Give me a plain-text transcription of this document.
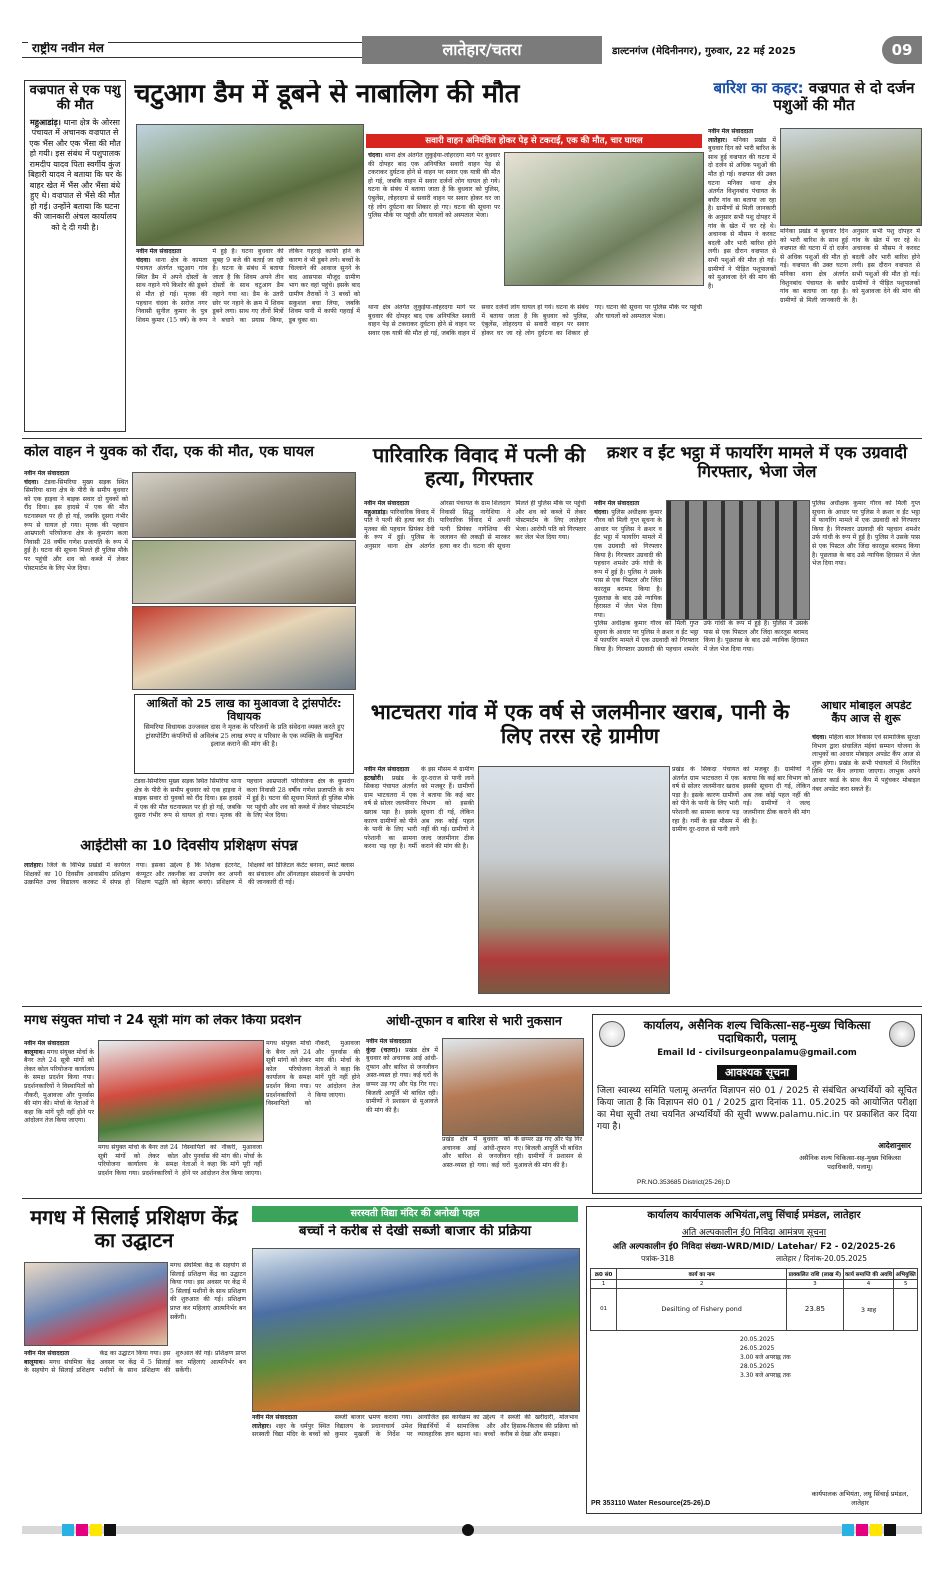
राष्ट्रीय नवीन मेल	लातेहार/चतरा	डाल्टनगंज (मेदिनीनगर), गुरुवार, 22 मई 2025	09
वज्रपात से एक पशु की मौत
महुआडांड़। थाना क्षेत्र के ओरसा पंचायत में अचानक वज्रपात से एक भैंस और एक भैंसा की मौत हो गयी। इस संबंध में पशुपालक रामदीप यादव पिता स्वर्गीय कुंज बिहारी यादव ने बताया कि घर के बाहर खेत में भैंस और भैंसा बंधे हुए थे। वज्रपात से भैंसे की मौत हो गई। उन्होंने बताया कि घटना की जानकारी अंचल कार्यालय को दे दी गयी है।
चटुआग डैम में डूबने से नाबालिग की मौत
नवीन मेल संवाददाता
चंदवा। थाना क्षेत्र के कामता पंचायत अंतर्गत चटुआग गांव स्थित डैम में अपने दोस्तों के साथ नहाने गये किशोर की डूबने से मौत हो गई। मृतक की पहचान चंदवा के सरोज नगर निवासी सुनील कुमार के पुत्र शिवम कुमार (15 वर्ष) के रूप में हुई है। घटना बुधवार की सुबह 9 बजे की बताई जा रही है। घटना के संबंध में बताया जाता है कि शिवम अपने तीन दोस्तों के साथ चटुआग डैम नहाने गया था। डैम के उतरी छोर पर नहाने के क्रम में शिवम डूबने लगा। साथ गए तीनों मित्रों ने बचाने का प्रयास किया, लेकिन गहराई काफी होने के कारण वे भी डूबने लगे। बच्चों के चिल्लाने की आवाज सुनने के बाद आसपास मौजूद ग्रामीण भाग कर वहां पहुंचे। इसके बाद ग्रामीण तैराकों ने 3 बच्चों को सकुशल बचा लिया, जबकि शिवम पानी में काफी गहराई में डूब चुका था।
सवारी वाहन अनियंत्रित होकर पेड़ से टकराई, एक की मौत, चार घायल
चंदवा। थाना क्षेत्र अंतर्गत लुकुईया-लोहरदगा मार्ग पर बुधवार की दोपहर बाद एक अनियंत्रित सवारी वाहन पेड़ से टकराकर दुर्घटना होने से वाहन पर सवार एक यात्री की मौत हो गई, जबकि वाहन में सवार दर्जनों लोग घायल हो गये। घटना के संबंध में बताया जाता है कि बुधवार को पुलिस, एंबुलेंस, लोहरदगा से सवारी वाहन पर सवार होकर घर जा रहे लोग दुर्घटना का शिकार हो गए। घटना की सूचना पर पुलिस मौके पर पहुंची और घायलों को अस्पताल भेजा।
थाना क्षेत्र अंतर्गत लुकुईया-लोहरदगा मार्ग पर बुधवार की दोपहर बाद एक अनियंत्रित सवारी वाहन पेड़ से टकराकर दुर्घटना होने से वाहन पर सवार एक यात्री की मौत हो गई, जबकि वाहन में सवार दर्जनों लोग घायल हो गये। घटना के संबंध में बताया जाता है कि बुधवार को पुलिस, एंबुलेंस, लोहरदगा से सवारी वाहन पर सवार होकर घर जा रहे लोग दुर्घटना का शिकार हो गए। घटना की सूचना पर पुलिस मौके पर पहुंची और घायलों को अस्पताल भेजा।
बारिश का कहर: वज्रपात से दो दर्जन पशुओं की मौत
नवीन मेल संवाददाता
लातेहार। मनिका प्रखंड में बुधवार दिन को भारी बारिश के साथ हुई वज्रपात की घटना में दो दर्जन से अधिक पशुओं की मौत हो गई। वज्रपात की उक्त घटना मनिका थाना क्षेत्र अंतर्गत विशुनबांध पंचायत के बघौर गांव का बताया जा रहा है। ग्रामीणों से मिली जानकारी के अनुसार सभी पशु दोपहर में गांव के खेत में चर रहे थे। अचानक से मौसम ने करवट बदली और भारी बारिश होने लगी। इस दौरान वज्रपात से सभी पशुओं की मौत हो गई। ग्रामीणों ने पीड़ित पशुपालकों को मुआवजा देने की मांग की है।
मनिका प्रखंड में बुधवार दिन को भारी बारिश के साथ हुई वज्रपात की घटना में दो दर्जन से अधिक पशुओं की मौत हो गई। वज्रपात की उक्त घटना मनिका थाना क्षेत्र अंतर्गत विशुनबांध पंचायत के बघौर गांव का बताया जा रहा है। ग्रामीणों से मिली जानकारी के अनुसार सभी पशु दोपहर में गांव के खेत में चर रहे थे। अचानक से मौसम ने करवट बदली और भारी बारिश होने लगी। इस दौरान वज्रपात से सभी पशुओं की मौत हो गई। ग्रामीणों ने पीड़ित पशुपालकों को मुआवजा देने की मांग की है।
कोल वाहन ने युवक को रौंदा, एक की मौत, एक घायल
नवीन मेल संवाददाता
चंदवा। टंडवा-सिमरिया मुख्य सड़क स्थित सिमरिया थाना क्षेत्र के पीरी के समीप बुधवार को एक हाइवा ने बाइक सवार दो युवकों को रौंद दिया। इस हादसे में एक की मौत घटनास्थल पर ही हो गई, जबकि दूसरा गंभीर रूप से घायल हो गया। मृतक की पहचान आम्रपाली परियोजना क्षेत्र के कुमरांग कला निवासी 28 वर्षीय गणेश प्रजापति के रूप में हुई है। घटना की सूचना मिलते ही पुलिस मौके पर पहुंची और शव को कब्जे में लेकर पोस्टमार्टम के लिए भेज दिया।
आश्रितों को 25 लाख का मुआवजा दे ट्रांसपोर्टर: विधायक
सिमरिया विधायक उज्जवल दास ने मृतक के परिजनों के प्रति संवेदना व्यक्त करते हुए ट्रांसपोर्टिंग कंपनियों से अविलंब 25 लाख रुपए व परिवार के एक व्यक्ति के समुचित इलाज कराने की मांग की है।
टंडवा-सिमरिया मुख्य सड़क स्थित सिमरिया थाना क्षेत्र के पीरी के समीप बुधवार को एक हाइवा ने बाइक सवार दो युवकों को रौंद दिया। इस हादसे में एक की मौत घटनास्थल पर ही हो गई, जबकि दूसरा गंभीर रूप से घायल हो गया। मृतक की पहचान आम्रपाली परियोजना क्षेत्र के कुमरांग कला निवासी 28 वर्षीय गणेश प्रजापति के रूप में हुई है। घटना की सूचना मिलते ही पुलिस मौके पर पहुंची और शव को कब्जे में लेकर पोस्टमार्टम के लिए भेज दिया।
पारिवारिक विवाद में पत्नी की हत्या, गिरफ्तार
नवीन मेल संवाददाता
महुआडांड़। पारिवारिक विवाद में पति ने पत्नी की हत्या कर दी। मृतका की पहचान प्रियंका देवी के रूप में हुई। पुलिस के अनुसार थाना क्षेत्र अंतर्गत ओरसा पंचायत के ग्राम शिलदाग निवासी सिद्धू नागेशिया ने पारिवारिक विवाद में अपनी पत्नी प्रियंका नागेशिया की जलावन की लकड़ी से मारकर हत्या कर दी। घटना की सूचना मिलते ही पुलिस मौके पर पहुंची और शव को कब्जे में लेकर पोस्टमार्टम के लिए लातेहार भेजा। आरोपी पति को गिरफ्तार कर जेल भेज दिया गया।
क्रशर व ईंट भट्ठा में फायरिंग मामले में एक उग्रवादी गिरफ्तार, भेजा जेल
नवीन मेल संवाददाता
चंदवा। पुलिस अधीक्षक कुमार गौरव को मिली गुप्त सूचना के आधार पर पुलिस ने क्रशर व ईंट भट्ठा में फायरिंग मामले में एक उग्रवादी को गिरफ्तार किया है। गिरफ्तार उग्रवादी की पहचान शमशेर उर्फ गांधी के रूप में हुई है। पुलिस ने उसके पास से एक पिस्टल और जिंदा कारतूस बरामद किया है। पूछताछ के बाद उसे न्यायिक हिरासत में जेल भेज दिया गया।
पुलिस अधीक्षक कुमार गौरव को मिली गुप्त सूचना के आधार पर पुलिस ने क्रशर व ईंट भट्ठा में फायरिंग मामले में एक उग्रवादी को गिरफ्तार किया है। गिरफ्तार उग्रवादी की पहचान शमशेर उर्फ गांधी के रूप में हुई है। पुलिस ने उसके पास से एक पिस्टल और जिंदा कारतूस बरामद किया है। पूछताछ के बाद उसे न्यायिक हिरासत में जेल भेज दिया गया।
पुलिस अधीक्षक कुमार गौरव को मिली गुप्त सूचना के आधार पर पुलिस ने क्रशर व ईंट भट्ठा में फायरिंग मामले में एक उग्रवादी को गिरफ्तार किया है। गिरफ्तार उग्रवादी की पहचान शमशेर उर्फ गांधी के रूप में हुई है। पुलिस ने उसके पास से एक पिस्टल और जिंदा कारतूस बरामद किया है। पूछताछ के बाद उसे न्यायिक हिरासत में जेल भेज दिया गया।
भाटचतरा गांव में एक वर्ष से जलमीनार खराब, पानी के लिए तरस रहे ग्रामीण
नवीन मेल संवाददाता
इटखोरी। प्रखंड के सिकदा पंचायत अंतर्गत ग्राम भाटचतरा में एक वर्ष से सोलर जलमीनार खराब पड़ा है। इसके कारण ग्रामीणों को पीने के पानी के लिए भारी परेशानी का सामना करना पड़ रहा है। गर्मी के इस मौसम में ग्रामीण दूर-दराज से पानी लाने को मजबूर हैं। ग्रामीणों ने बताया कि कई बार विभाग को इसकी सूचना दी गई, लेकिन अब तक कोई पहल नहीं की गई। ग्रामीणों ने जल्द जलमीनार ठीक कराने की मांग की है।
प्रखंड के सिकदा पंचायत अंतर्गत ग्राम भाटचतरा में एक वर्ष से सोलर जलमीनार खराब पड़ा है। इसके कारण ग्रामीणों को पीने के पानी के लिए भारी परेशानी का सामना करना पड़ रहा है। गर्मी के इस मौसम में ग्रामीण दूर-दराज से पानी लाने को मजबूर हैं। ग्रामीणों ने बताया कि कई बार विभाग को इसकी सूचना दी गई, लेकिन अब तक कोई पहल नहीं की गई। ग्रामीणों ने जल्द जलमीनार ठीक कराने की मांग की है।
आधार मोबाइल अपडेट कैंप आज से शुरू
चंदवा। महिला बाल विकास एवं सामाजिक सुरक्षा विभाग द्वारा संचालित मंईयां सम्मान योजना के लाभुकों का आधार मोबाइल अपडेट कैंप आज से शुरू होगा। प्रखंड के सभी पंचायतों में निर्धारित तिथि पर कैंप लगाया जाएगा। लाभुक अपने आधार कार्ड के साथ कैंप में पहुंचकर मोबाइल नंबर अपडेट करा सकते हैं।
आईटीसी का 10 दिवसीय प्रशिक्षण संपन्न
लातेहार। जिले के विभिन्न प्रखंडों में कार्यरत शिक्षकों का 10 दिवसीय आवासीय प्रशिक्षण उत्क्रमित उच्च विद्यालय करकट में संपन्न हो गया। इसका उद्देश्य है कि शिक्षक इंटरनेट, कंप्यूटर और तकनीक का उपयोग कर अपनी शिक्षण पद्धति को बेहतर बनाएं। प्रशिक्षण में शिक्षकों को डिजिटल कंटेंट बनाना, स्मार्ट क्लास का संचालन और ऑनलाइन संसाधनों के उपयोग की जानकारी दी गई।
मगध संयुक्त मोर्चा ने 24 सूत्री मांग को लेकर किया प्रदर्शन
नवीन मेल संवाददाता
बालूमाथ। मगध संयुक्त मोर्चा के बैनर तले 24 सूत्री मांगों को लेकर कोल परियोजना कार्यालय के समक्ष प्रदर्शन किया गया। प्रदर्शनकारियों ने विस्थापितों को नौकरी, मुआवजा और पुनर्वास की मांग की। मोर्चा के नेताओं ने कहा कि मांगें पूरी नहीं होने पर आंदोलन तेज किया जाएगा।
मगध संयुक्त मोर्चा के बैनर तले 24 सूत्री मांगों को लेकर कोल परियोजना कार्यालय के समक्ष प्रदर्शन किया गया। प्रदर्शनकारियों ने विस्थापितों को नौकरी, मुआवजा और पुनर्वास की मांग की। मोर्चा के नेताओं ने कहा कि मांगें पूरी नहीं होने पर आंदोलन तेज किया जाएगा।
मगध संयुक्त मोर्चा के बैनर तले 24 सूत्री मांगों को लेकर कोल परियोजना कार्यालय के समक्ष प्रदर्शन किया गया। प्रदर्शनकारियों ने विस्थापितों को नौकरी, मुआवजा और पुनर्वास की मांग की। मोर्चा के नेताओं ने कहा कि मांगें पूरी नहीं होने पर आंदोलन तेज किया जाएगा।
आंधी-तूफान व बारिश से भारी नुकसान
नवीन मेल संवाददाता
कुंदा (चतरा)। प्रखंड क्षेत्र में बुधवार को अचानक आई आंधी-तूफान और बारिश से जनजीवन अस्त-व्यस्त हो गया। कई घरों के छप्पर उड़ गए और पेड़ गिर गए। बिजली आपूर्ति भी बाधित रही। ग्रामीणों ने प्रशासन से मुआवजे की मांग की है।
प्रखंड क्षेत्र में बुधवार को अचानक आई आंधी-तूफान और बारिश से जनजीवन अस्त-व्यस्त हो गया। कई घरों के छप्पर उड़ गए और पेड़ गिर गए। बिजली आपूर्ति भी बाधित रही। ग्रामीणों ने प्रशासन से मुआवजे की मांग की है।
कार्यालय, असैनिक शल्य चिकित्सा-सह-मुख्य चिकित्सा पदाधिकारी, पलामू
Email Id - civilsurgeonpalamu@gmail.com
आवश्यक सूचना
जिला स्वास्थ्य समिति पलामू अन्तर्गत विज्ञापन सं0 01 / 2025 से संबंधित अभ्यर्थियों को सूचित किया जाता है कि विज्ञापन सं0 01 / 2025 द्वारा दिनांक 11. 05.2025 को आयोजित परीक्षा का मेधा सूची तथा चयनित अभ्यर्थियों की सूची www.palamu.nic.in पर प्रकाशित कर दिया गया है।
आदेशानुसार
असैनिक शल्य चिकित्सा-सह-मुख्य चिकित्सा पदाधिकारी, पलामू।
PR.NO.353685 District(25-26):D
मगध में सिलाई प्रशिक्षण केंद्र का उद्घाटन
मगध संघमित्रा केंद्र के सहयोग से सिलाई प्रशिक्षण केंद्र का उद्घाटन किया गया। इस अवसर पर केंद्र में 5 सिलाई मशीनों के साथ प्रशिक्षण की शुरुआत की गई। प्रशिक्षण प्राप्त कर महिलाएं आत्मनिर्भर बन सकेंगी।
नवीन मेल संवाददाता
बालूमाथ। मगध संघमित्रा केंद्र के सहयोग से सिलाई प्रशिक्षण केंद्र का उद्घाटन किया गया। इस अवसर पर केंद्र में 5 सिलाई मशीनों के साथ प्रशिक्षण की शुरुआत की गई। प्रशिक्षण प्राप्त कर महिलाएं आत्मनिर्भर बन सकेंगी।
सरस्वती विद्या मंदिर की अनोखी पहल
बच्चों ने करीब से देखी सब्जी बाजार की प्रक्रिया
नवीन मेल संवाददाता
लातेहार। शहर के धर्मपुर स्थित सरस्वती विद्या मंदिर के बच्चों को सब्जी बाजार भ्रमण कराया गया। विद्यालय के प्रधानाचार्य उमेश कुमार मुखर्जी के निर्देश पर आयोजित इस कार्यक्रम का उद्देश्य विद्यार्थियों में सामाजिक और व्यावहारिक ज्ञान बढ़ाना था। बच्चों ने सब्जी की खरीदारी, मोलभाव और हिसाब-किताब की प्रक्रिया को करीब से देखा और समझा।
कार्यालय कार्यपालक अभियंता,लघु सिंचाई प्रमंडल, लातेहार
अति अल्पकालीन ई0 निविदा आमंत्रण सूचना
अति अल्पकालीन ई0 निविदा संख्या-WRD/MID/ Latehar/ F2 - 02/2025-26
पत्रांक-318	लातेहार / दिनांक-20.05.2025
क्र0 सं0	कार्य का नाम	प्राक्कलित राशि (लाख में)	कार्य समाप्ति की अवधि	अभियुक्ति
1	2	3	4	5
01	Desilting of Fishery pond	23.85	3 माह	
20.05.2025
26.05.2025
3.00 बजे अपराह्न तक
28.05.2025
3.30 बजे अपराह्न तक
कार्यपालक अभियंता, लघु सिंचाई प्रमंडल, लातेहार
PR 353110 Water Resource(25-26).D
